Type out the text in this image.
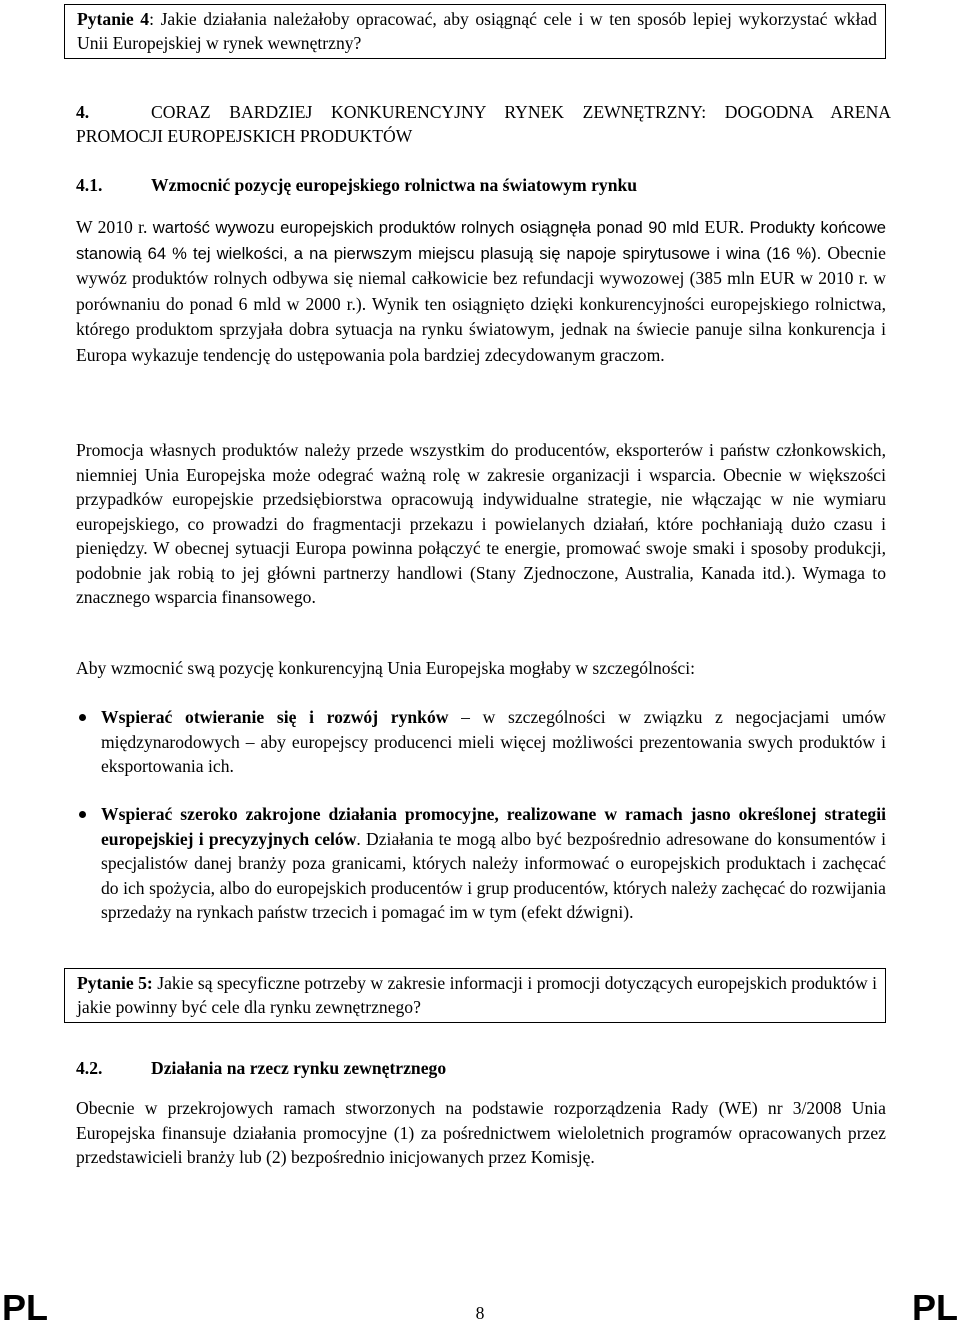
Pytanie 4: Jakie działania należałoby opracować, aby osiągnąć cele i w ten sposób lepiej wykorzystać wkład Unii Europejskiej w rynek wewnętrzny?
4.	CORAZ BARDZIEJ KONKURENCYJNY RYNEK ZEWNĘTRZNY: DOGODNA ARENA PROMOCJI EUROPEJSKICH PRODUKTÓW
4.1.	Wzmocnić pozycję europejskiego rolnictwa na światowym rynku
W 2010 r. wartość wywozu europejskich produktów rolnych osiągnęła ponad 90 mld EUR. Produkty końcowe stanowią 64 % tej wielkości, a na pierwszym miejscu plasują się napoje spirytusowe i wina (16 %). Obecnie wywóz produktów rolnych odbywa się niemal całkowicie bez refundacji wywozowej (385 mln EUR w 2010 r. w porównaniu do ponad 6 mld w 2000 r.). Wynik ten osiągnięto dzięki konkurencyjności europejskiego rolnictwa, którego produktom sprzyjała dobra sytuacja na rynku światowym, jednak na świecie panuje silna konkurencja i Europa wykazuje tendencję do ustępowania pola bardziej zdecydowanym graczom.
Promocja własnych produktów należy przede wszystkim do producentów, eksporterów i państw członkowskich, niemniej Unia Europejska może odegrać ważną rolę w zakresie organizacji i wsparcia. Obecnie w większości przypadków europejskie przedsiębiorstwa opracowują indywidualne strategie, nie włączając w nie wymiaru europejskiego, co prowadzi do fragmentacji przekazu i powielanych działań, które pochłaniają dużo czasu i pieniędzy. W obecnej sytuacji Europa powinna połączyć te energie, promować swoje smaki i sposoby produkcji, podobnie jak robią to jej główni partnerzy handlowi (Stany Zjednoczone, Australia, Kanada itd.). Wymaga to znacznego wsparcia finansowego.
Aby wzmocnić swą pozycję konkurencyjną Unia Europejska mogłaby w szczególności:
Wspierać otwieranie się i rozwój rynków – w szczególności w związku z negocjacjami umów międzynarodowych – aby europejscy producenci mieli więcej możliwości prezentowania swych produktów i eksportowania ich.
Wspierać szeroko zakrojone działania promocyjne, realizowane w ramach jasno określonej strategii europejskiej i precyzyjnych celów. Działania te mogą albo być bezpośrednio adresowane do konsumentów i specjalistów danej branży poza granicami, których należy informować o europejskich produktach i zachęcać do ich spożycia, albo do europejskich producentów i grup producentów, których należy zachęcać do rozwijania sprzedaży na rynkach państw trzecich i pomagać im w tym (efekt dźwigni).
Pytanie 5: Jakie są specyficzne potrzeby w zakresie informacji i promocji dotyczących europejskich produktów i jakie powinny być cele dla rynku zewnętrznego?
4.2.	Działania na rzecz rynku zewnętrznego
Obecnie w przekrojowych ramach stworzonych na podstawie rozporządzenia Rady (WE) nr 3/2008 Unia Europejska finansuje działania promocyjne (1) za pośrednictwem wieloletnich programów opracowanych przez przedstawicieli branży lub (2) bezpośrednio inicjowanych przez Komisję.
PL	8	PL
